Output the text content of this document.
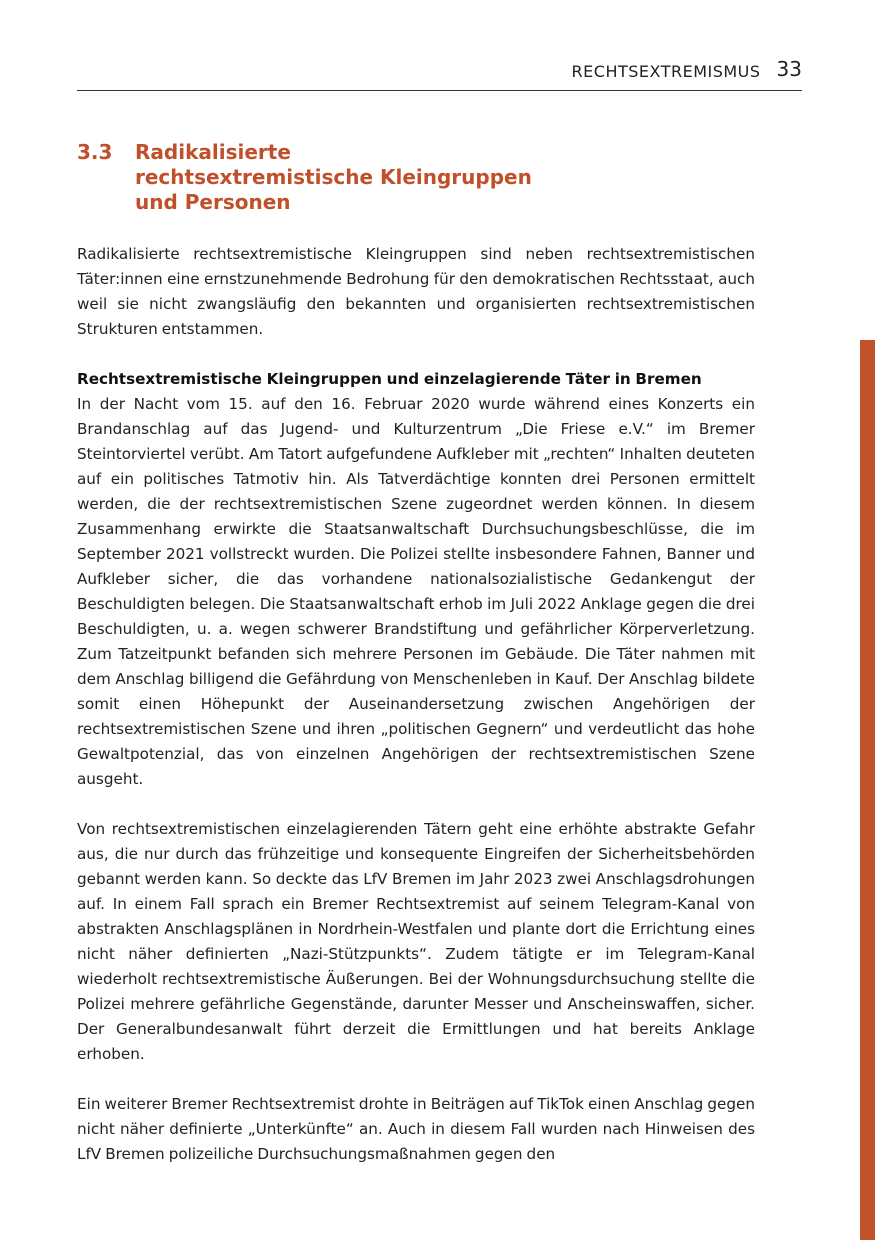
RECHTSEXTREMISMUS 33
3.3	Radikalisierte rechtsextremistische Kleingruppen und Personen

Radikalisierte rechtsextremistische Kleingruppen sind neben rechtsextremistischen Täter:innen eine ernstzunehmende Bedrohung für den demokratischen Rechtsstaat, auch weil sie nicht zwangsläufig den bekannten und organisierten rechtsextremistischen Strukturen entstammen.

Rechtsextremistische Kleingruppen und einzelagierende Täter in Bremen

In der Nacht vom 15. auf den 16. Februar 2020 wurde während eines Konzerts ein Brandanschlag auf das Jugend- und Kulturzentrum „Die Friese e.V.“ im Bremer Steintorviertel verübt. Am Tatort aufgefundene Aufkleber mit „rechten“ Inhalten deuteten auf ein politisches Tatmotiv hin. Als Tatverdächtige konnten drei Personen ermittelt werden, die der rechtsextremistischen Szene zugeordnet werden können. In diesem Zusammenhang erwirkte die Staatsanwaltschaft Durchsuchungsbeschlüsse, die im September 2021 vollstreckt wurden. Die Polizei stellte insbesondere Fahnen, Banner und Aufkleber sicher, die das vorhandene nationalsozialistische Gedankengut der Beschuldigten belegen. Die Staatsanwaltschaft erhob im Juli 2022 Anklage gegen die drei Beschuldigten, u. a. wegen schwerer Brandstiftung und gefährlicher Körperverletzung. Zum Tatzeitpunkt befanden sich mehrere Personen im Gebäude. Die Täter nahmen mit dem Anschlag billigend die Gefährdung von Menschenleben in Kauf. Der Anschlag bildete somit einen Höhepunkt der Auseinandersetzung zwischen Angehörigen der rechtsextremistischen Szene und ihren „politischen Gegnern“ und verdeutlicht das hohe Gewaltpotenzial, das von einzelnen Angehörigen der rechtsextremistischen Szene ausgeht.

Von rechtsextremistischen einzelagierenden Tätern geht eine erhöhte abstrakte Gefahr aus, die nur durch das frühzeitige und konsequente Eingreifen der Sicherheitsbehörden gebannt werden kann. So deckte das LfV Bremen im Jahr 2023 zwei Anschlagsdrohungen auf. In einem Fall sprach ein Bremer Rechtsextremist auf seinem Telegram-Kanal von abstrakten Anschlagsplänen in Nordrhein-Westfalen und plante dort die Errichtung eines nicht näher definierten „Nazi-Stützpunkts“. Zudem tätigte er im Telegram-Kanal wiederholt rechtsextremistische Äußerungen. Bei der Wohnungsdurchsuchung stellte die Polizei mehrere gefährliche Gegenstände, darunter Messer und Anscheinswaffen, sicher. Der Generalbundesanwalt führt derzeit die Ermittlungen und hat bereits Anklage erhoben.

Ein weiterer Bremer Rechtsextremist drohte in Beiträgen auf TikTok einen Anschlag gegen nicht näher definierte „Unterkünfte“ an. Auch in diesem Fall wurden nach Hinweisen des LfV Bremen polizeiliche Durchsuchungsmaßnahmen gegen den
